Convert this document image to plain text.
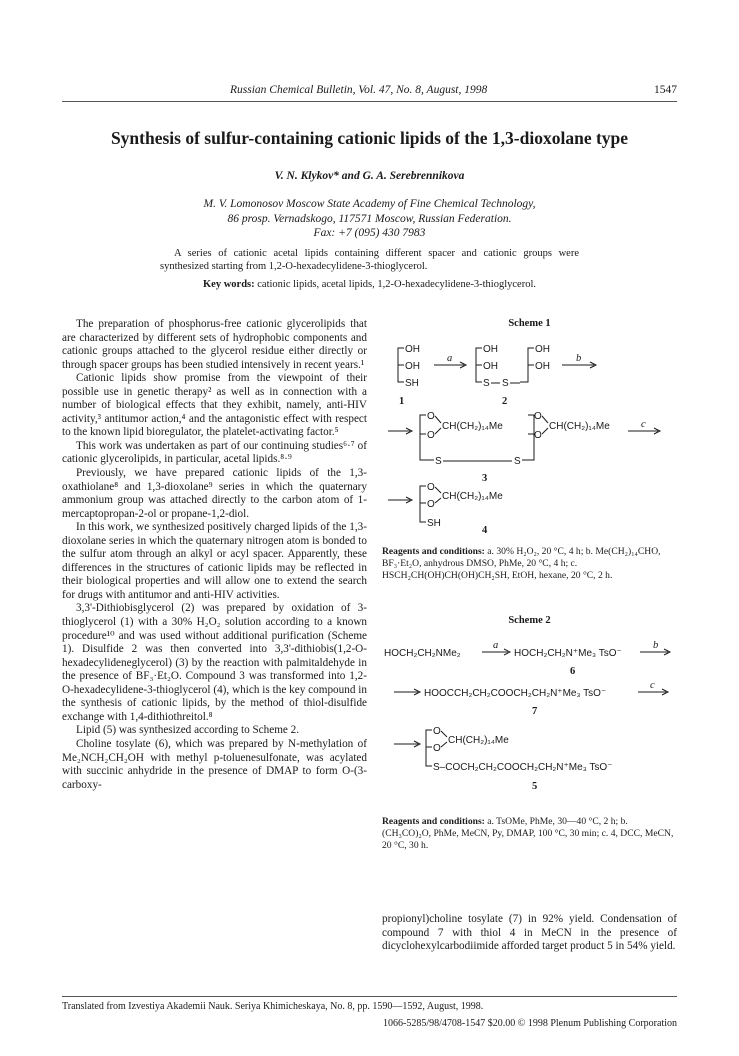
Russian Chemical Bulletin, Vol. 47, No. 8, August, 1998	1547
Synthesis of sulfur-containing cationic lipids of the 1,3-dioxolane type
V. N. Klykov* and G. A. Serebrennikova
M. V. Lomonosov Moscow State Academy of Fine Chemical Technology,
86 prosp. Vernadskogo, 117571 Moscow, Russian Federation.
Fax: +7 (095) 430 7983
A series of cationic acetal lipids containing different spacer and cationic groups were synthesized starting from 1,2-O-hexadecylidene-3-thioglycerol.
Key words: cationic lipids, acetal lipids, 1,2-O-hexadecylidene-3-thioglycerol.

The preparation of phosphorus-free cationic glycerolipids that are characterized by different sets of hydrophobic components and cationic groups attached to the glycerol residue either directly or through spacer groups has been studied intensively in recent years.¹

Cationic lipids show promise from the viewpoint of their possible use in genetic therapy² as well as in connection with a number of biological effects that they exhibit, namely, anti-HIV activity,³ antitumor action,⁴ and the antagonistic effect with respect to the known lipid bioregulator, the platelet-activating factor.⁵

This work was undertaken as part of our continuing studies⁶·⁷ of cationic glycerolipids, in particular, acetal lipids.⁸·⁹

Previously, we have prepared cationic lipids of the 1,3-oxathiolane⁸ and 1,3-dioxolane⁹ series in which the quaternary ammonium group was attached directly to the carbon atom of 1-mercaptopropan-2-ol or propane-1,2-diol.

In this work, we synthesized positively charged lipids of the 1,3-dioxolane series in which the quaternary nitrogen atom is bonded to the sulfur atom through an alkyl or acyl spacer. Apparently, these differences in the structures of cationic lipids may be reflected in their biological properties and will allow one to extend the search for drugs with antitumor and anti-HIV activities.

3,3'-Dithiobisglycerol (2) was prepared by oxidation of 3-thioglycerol (1) with a 30% H₂O₂ solution according to a known procedure¹⁰ and was used without additional purification (Scheme 1). Disulfide 2 was then converted into 3,3'-dithiobis(1,2-O-hexadecylideneglycerol) (3) by the reaction with palmitaldehyde in the presence of BF₃·Et₂O. Compound 3 was transformed into 1,2-O-hexadecylidene-3-thioglycerol (4), which is the key compound in the synthesis of cationic lipids, by the method of thiol-disulfide exchange with 1,4-dithiothreitol.⁸

Lipid (5) was synthesized according to Scheme 2.

Choline tosylate (6), which was prepared by N-methylation of Me₂NCH₂CH₂OH with methyl p-toluenesulfonate, was acylated with succinic anhydride in the presence of DMAP to form O-(3-carboxy-

Scheme 1
OH
OH
SH
1
a
OH
OH
S S
OH
OH
2
b
O
O
CH(CH₂)₁₄Me
S	S
O
O
CH(CH₂)₁₄Me	c
3
O
O
CH(CH₂)₁₄Me
SH
4
Reagents and conditions: a. 30% H₂O₂, 20 °C, 4 h; b. Me(CH₂)₁₄CHO, BF₃·Et₂O, anhydrous DMSO, PhMe, 20 °C, 4 h; c. HSCH₂CH(OH)CH(OH)CH₂SH, EtOH, hexane, 20 °C, 2 h.
Scheme 2
HOCH₂CH₂NMe₂
a
HOCH₂CH₂N⁺Me₃ TsO⁻
b
6
HOOCCH₂CH₂COOCH₂CH₂N⁺Me₃ TsO⁻
c
7
O
O
CH(CH₂)₁₄Me
S–COCH₂CH₂COOCH₂CH₂N⁺Me₃ TsO⁻
5
Reagents and conditions: a. TsOMe, PhMe, 30—40 °C, 2 h; b. (CH₃CO)₂O, PhMe, MeCN, Py, DMAP, 100 °C, 30 min; c. 4, DCC, MeCN, 20 °C, 30 h.

propionyl)choline tosylate (7) in 92% yield. Condensation of compound 7 with thiol 4 in MeCN in the presence of dicyclohexylcarbodiimide afforded target product 5 in 54% yield.

Translated from Izvestiya Akademii Nauk. Seriya Khimicheskaya, No. 8, pp. 1590—1592, August, 1998.
1066-5285/98/4708-1547 $20.00 © 1998 Plenum Publishing Corporation
